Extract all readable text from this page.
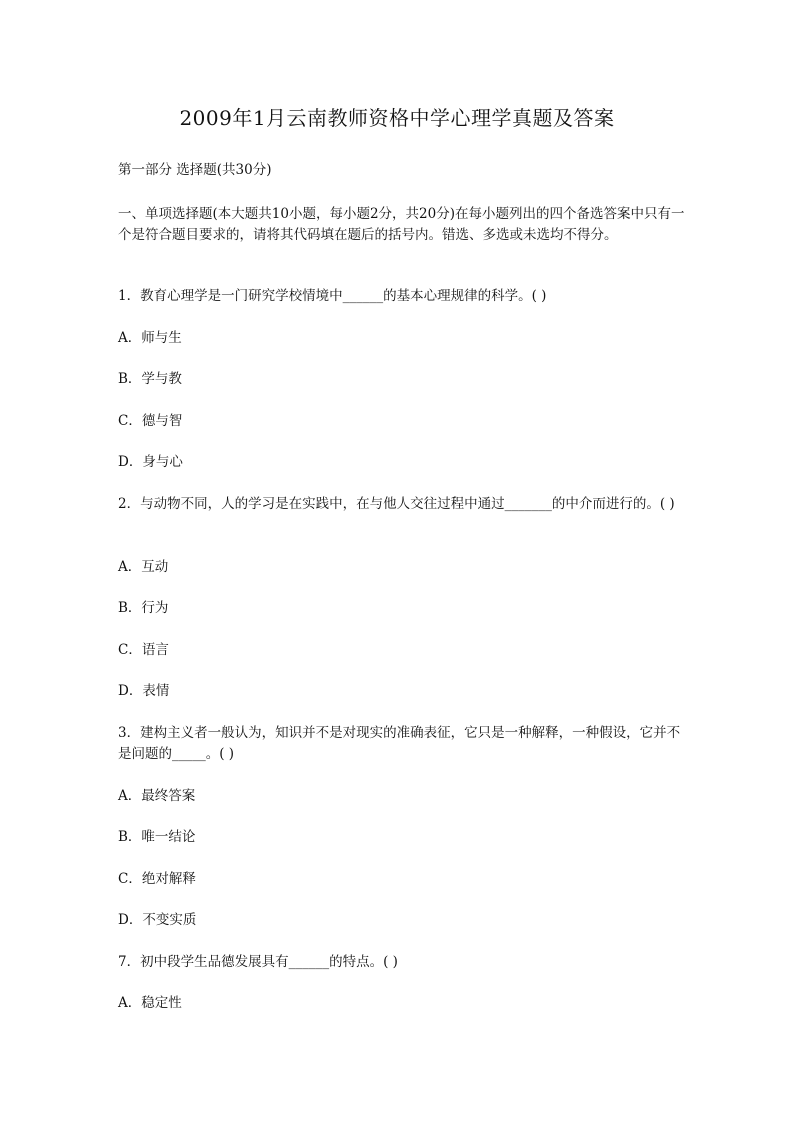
2009年1月云南教师资格中学心理学真题及答案
第一部分 选择题(共30分)
一、单项选择题(本大题共10小题，每小题2分，共20分)在每小题列出的四个备选答案中只有一个是符合题目要求的，请将其代码填在题后的括号内。错选、多选或未选均不得分。
1．教育心理学是一门研究学校情境中______的基本心理规律的科学。( )
A．师与生
B．学与教
C．德与智
D．身与心
2．与动物不同，人的学习是在实践中，在与他人交往过程中通过_______的中介而进行的。( )
A．互动
B．行为
C．语言
D．表情
3．建构主义者一般认为，知识并不是对现实的准确表征，它只是一种解释，一种假设，它并不是问题的_____。( )
A．最终答案
B．唯一结论
C．绝对解释
D．不变实质
7．初中段学生品德发展具有______的特点。( )
A．稳定性
